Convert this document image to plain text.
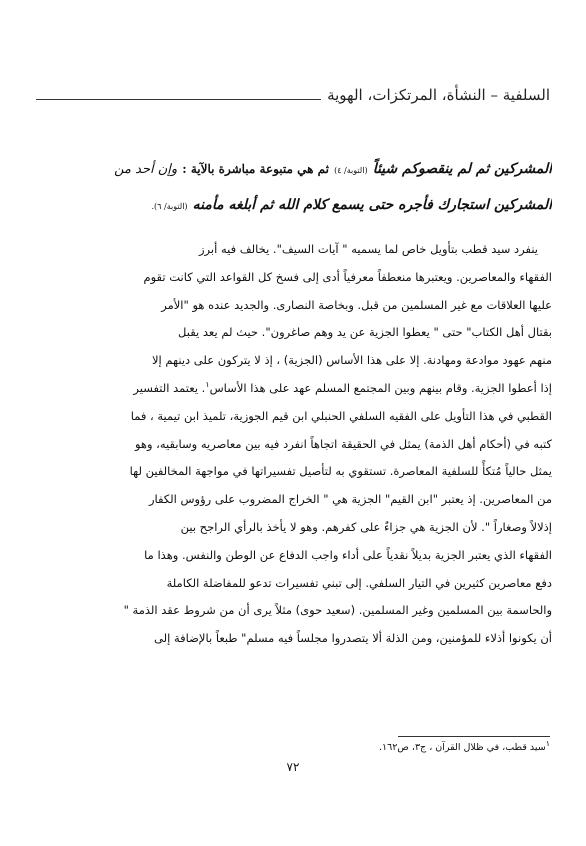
السلفية – النشأة، المرتكزات، الهوية
المشركين ثم لم ينقصوكم شيئاً (التوبة/ ٤) ثم هي متبوعة مباشرة بالآية : وإن أحد من
المشركين استجارك فأجره حتى يسمع كلام الله ثم أبلغه مأمنه (التوبة/ ٦).
ينفرد سيد قطب بتأويل خاص لما يسميه " آيات السيف". يخالف فيه أبرز
الفقهاء والمعاصرين. ويعتبرها منعطفاً معرفياً أدى إلى فسخ كل القواعد التي كانت تقوم
عليها العلاقات مع غير المسلمين من قبل. وبخاصة النصارى. والجديد عنده هو "الأمر
بقتال أهل الكتاب" حتى " يعطوا الجزية عن يد وهم صاغرون". حيث لم يعد يقبل
منهم عهود موادعة ومهادنة. إلا على هذا الأساس (الجزية) ، إذ لا يتركون على دينهم إلا
إذا أعطوا الجزية. وقام بينهم وبين المجتمع المسلم عهد على هذا الأساس$^١$. يعتمد التفسير
القطبي في هذا التأويل على الفقيه السلفي الحنبلي ابن قيم الجوزية، تلميذ ابن تيمية ، فما
كتبه في (أحكام أهل الذمة) يمثل في الحقيقة اتجاهاً انفرد فيه بين معاصريه وسابقيه، وهو
يمثل حالياً مُتكأً للسلفية المعاصرة. تستقوي به لتأصيل تفسيراتها في مواجهة المخالفين لها
من المعاصرين. إذ يعتبر "ابن القيم" الجزية هي " الخراج المضروب على رؤوس الكفار
إذلالاً وصغاراً ". لأن الجزية هي جزاءٌ على كفرهم. وهو لا يأخذ بالرأي الراجح بين
الفقهاء الذي يعتبر الجزية بديلاً نقدياً على أداء واجب الدفاع عن الوطن والنفس. وهذا ما
دفع معاصرين كثيرين في التيار السلفي. إلى تبني تفسيرات تدعو للمفاضلة الكاملة
والحاسمة بين المسلمين وغير المسلمين. (سعيد حوى) مثلاً يرى أن من شروط عقد الذمة "
أن يكونوا أذلاء للمؤمنين، ومن الذلة ألا يتصدروا مجلساً فيه مسلم" طبعاً بالإضافة إلى
$^١$سيد قطب، في ظلال القرآن ، ج٣، ص١٦٢.
٧٢
